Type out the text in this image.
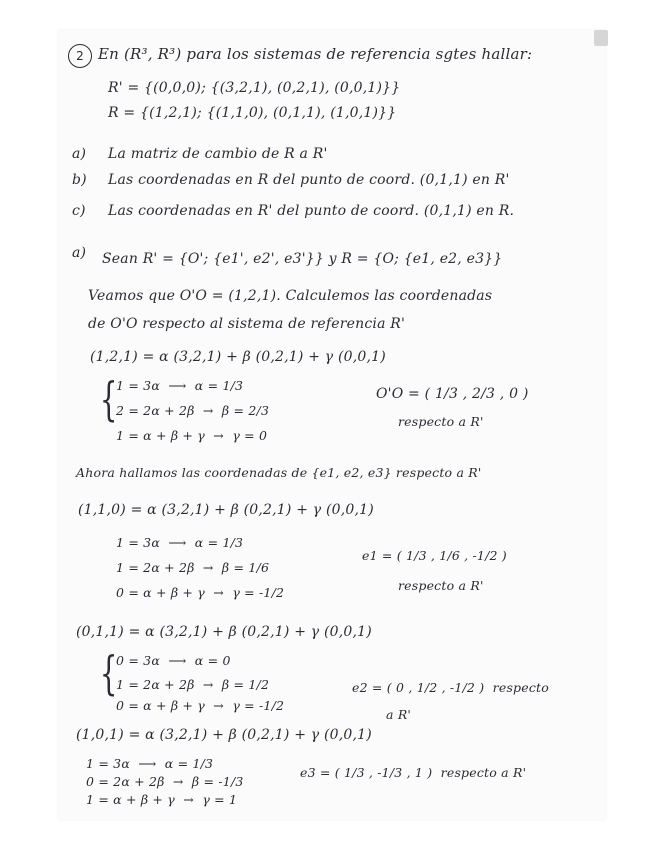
2 En (R³, R³) para los sistemas de referencia sgtes hallar:
R' = {(0,0,0); {(3,2,1), (0,2,1), (0,0,1)}}
R = {(1,2,1); {(1,1,0), (0,1,1), (1,0,1)}}
a) La matriz de cambio de R a R'
b) Las coordenadas en R del punto de coord. (0,1,1) en R'
c) Las coordenadas en R' del punto de coord. (0,1,1) en R.
a) Sean R' = {O'; {e1', e2', e3'}} y R = {O; {e1, e2, e3}}
Veamos que O'O = (1,2,1). Calculemos las coordenadas
de O'O respecto al sistema de referencia R'
(1,2,1) = α (3,2,1) + β (0,2,1) + γ (0,0,1)
{
1 = 3α  ⟶  α = 1/3
2 = 2α + 2β  →  β = 2/3
1 = α + β + γ  →  γ = 0
O'O = ( 1/3 , 2/3 , 0 )
respecto a R'
Ahora hallamos las coordenadas de {e1, e2, e3} respecto a R'
(1,1,0) = α (3,2,1) + β (0,2,1) + γ (0,0,1)
1 = 3α  ⟶  α = 1/3
1 = 2α + 2β  →  β = 1/6
0 = α + β + γ  →  γ = -1/2
e1 = ( 1/3 , 1/6 , -1/2 )
respecto a R'
(0,1,1) = α (3,2,1) + β (0,2,1) + γ (0,0,1)
{
0 = 3α  ⟶  α = 0
1 = 2α + 2β  →  β = 1/2
0 = α + β + γ  →  γ = -1/2
e2 = ( 0 , 1/2 , -1/2 )  respecto
a R'
(1,0,1) = α (3,2,1) + β (0,2,1) + γ (0,0,1)
1 = 3α  ⟶  α = 1/3
0 = 2α + 2β  →  β = -1/3
1 = α + β + γ  →  γ = 1
e3 = ( 1/3 , -1/3 , 1 )  respecto a R'
